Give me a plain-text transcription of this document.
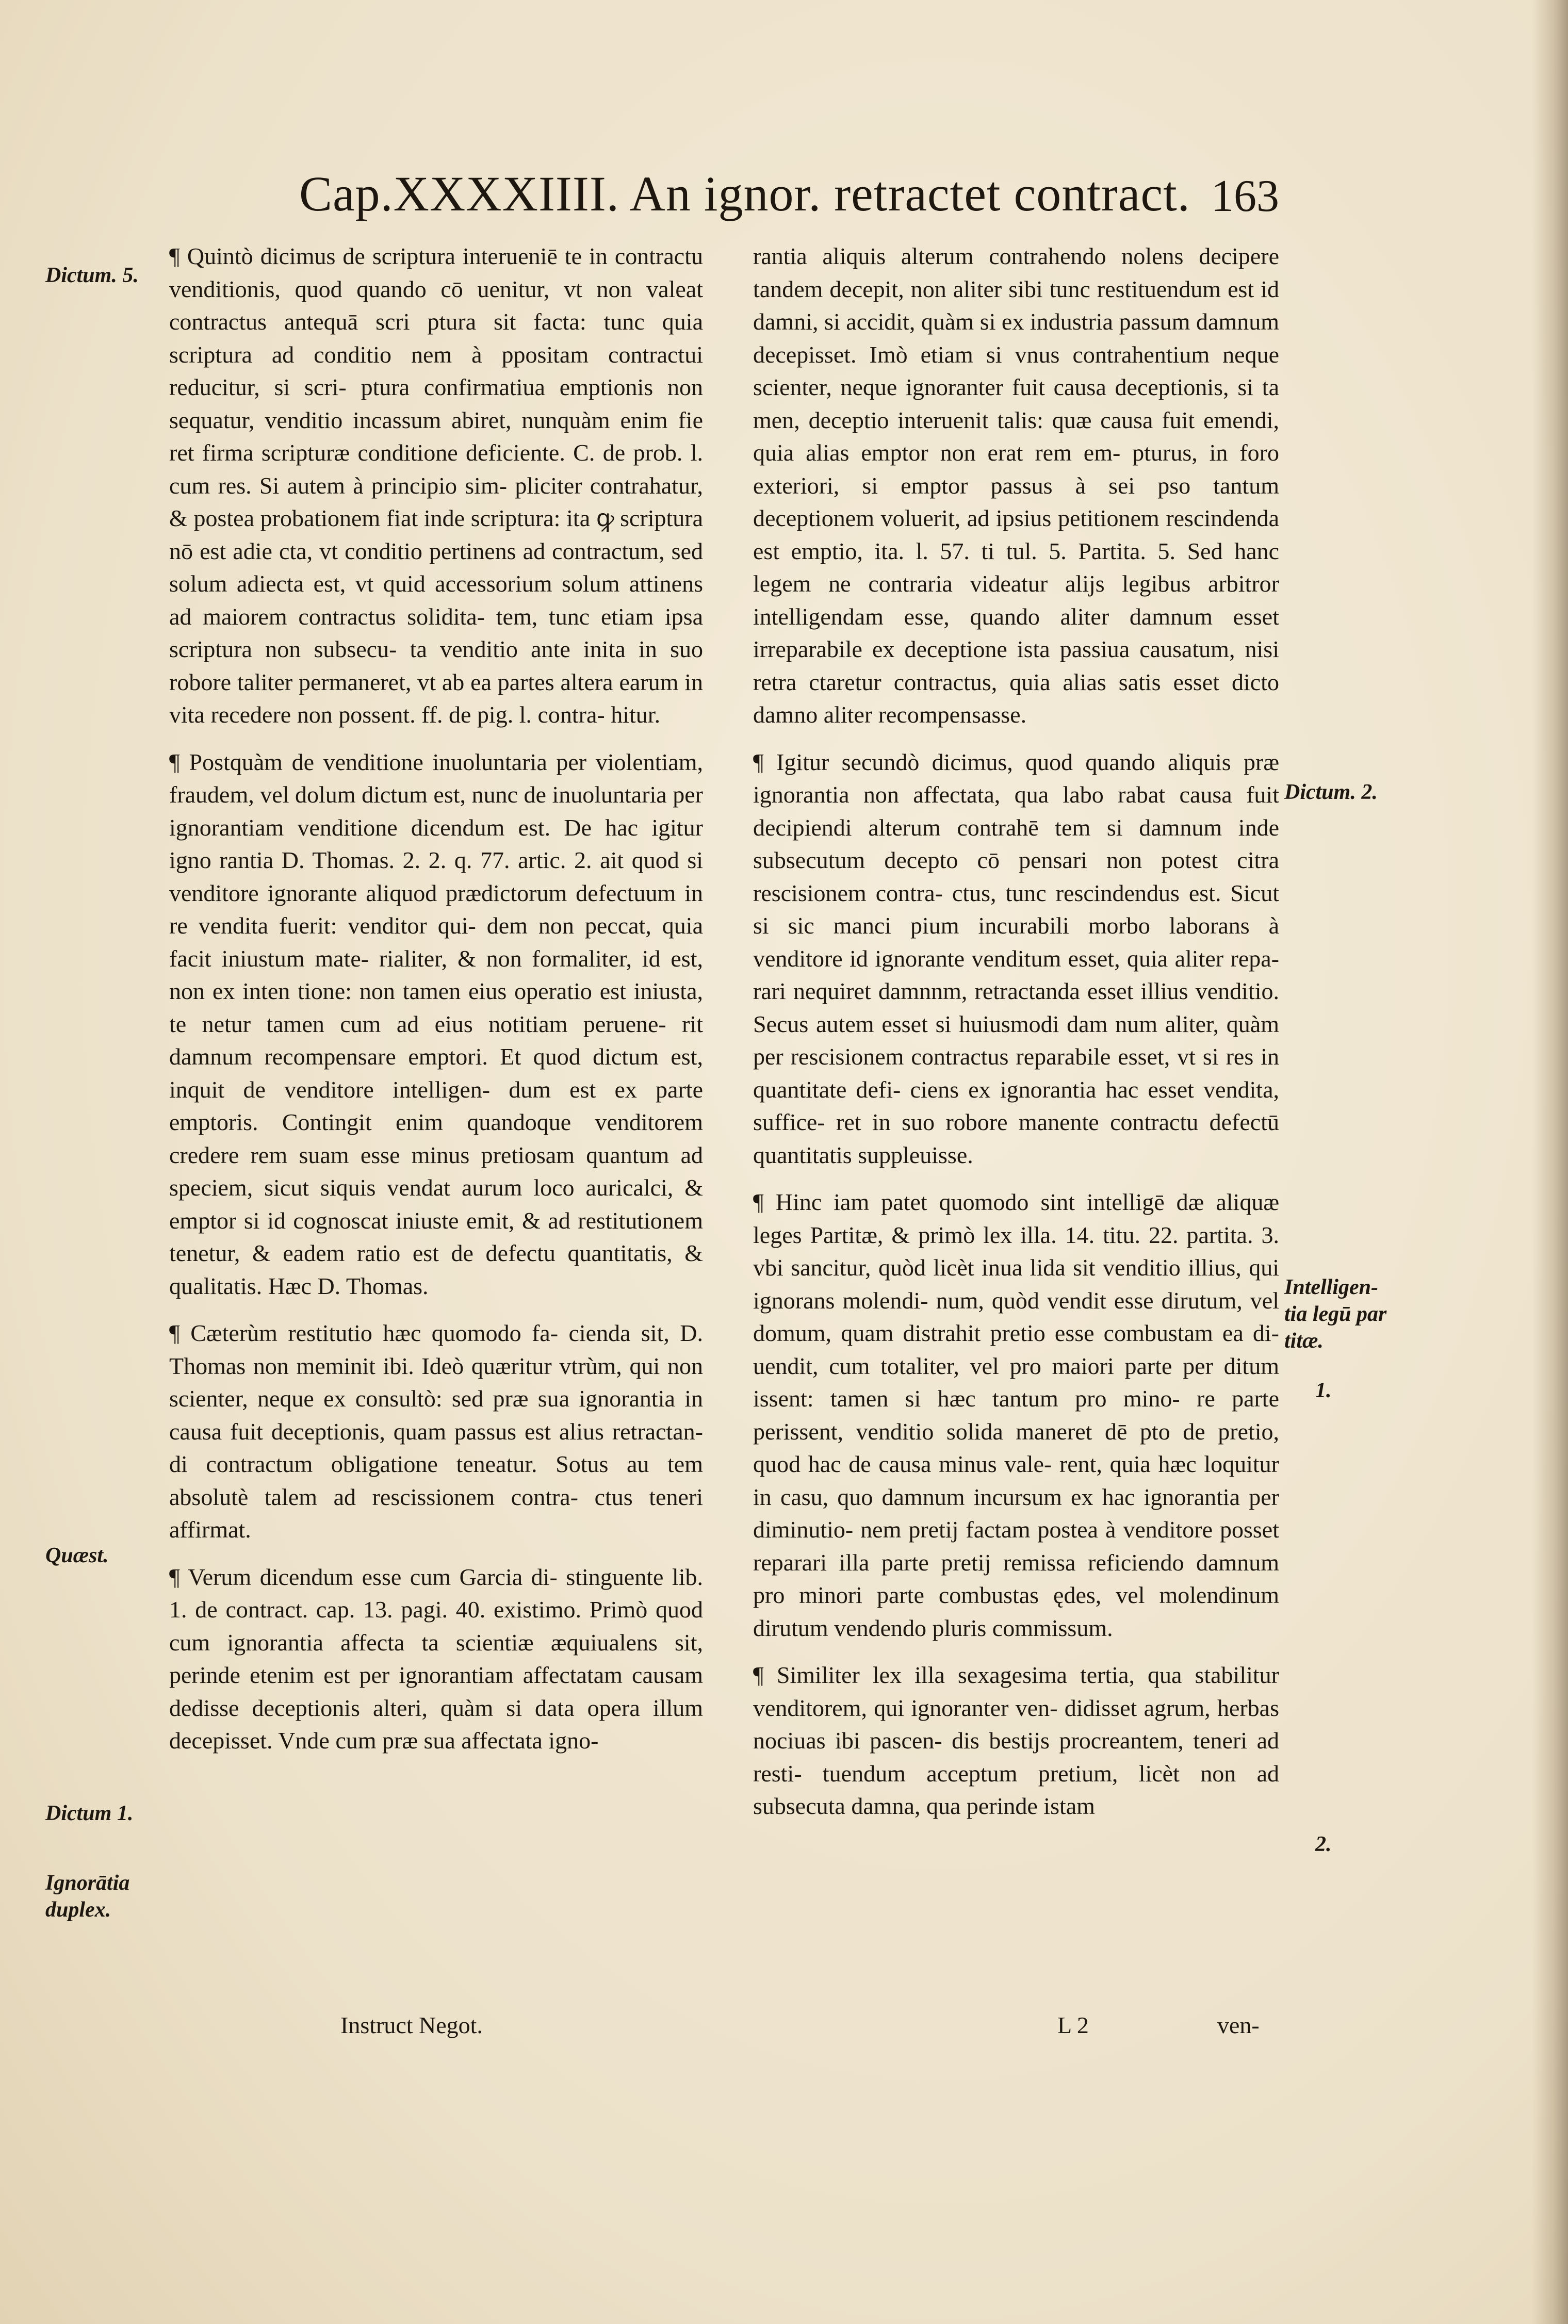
Cap.XXXXIIII. An ignor. retractet contract. 163

¶ Quintò dicimus de scriptura interueniē te in contractu venditionis, quod quando cō uenitur, vt non valeat contractus antequā scri ptura sit facta: tunc quia scriptura ad conditio nem à ppositam contractui reducitur, si scri- ptura confirmatiua emptionis non sequatur, venditio incassum abiret, nunquàm enim fie ret firma scripturæ conditione deficiente. C. de prob. l. cum res. Si autem à principio sim- pliciter contrahatur, & postea probationem fiat inde scriptura: ita ꝙ scriptura nō est adie cta, vt conditio pertinens ad contractum, sed solum adiecta est, vt quid accessorium solum attinens ad maiorem contractus solidita- tem, tunc etiam ipsa scriptura non subsecu- ta venditio ante inita in suo robore taliter permaneret, vt ab ea partes altera earum in vita recedere non possent. ff. de pig. l. contra- hitur.

¶ Postquàm de venditione inuoluntaria per violentiam, fraudem, vel dolum dictum est, nunc de inuoluntaria per ignorantiam venditione dicendum est. De hac igitur igno rantia D. Thomas. 2. 2. q. 77. artic. 2. ait quod si venditore ignorante aliquod prædictorum defectuum in re vendita fuerit: venditor qui- dem non peccat, quia facit iniustum mate- rialiter, & non formaliter, id est, non ex inten tione: non tamen eius operatio est iniusta, te netur tamen cum ad eius notitiam peruene- rit damnum recompensare emptori. Et quod dictum est, inquit de venditore intelligen- dum est ex parte emptoris. Contingit enim quandoque venditorem credere rem suam esse minus pretiosam quantum ad speciem, sicut siquis vendat aurum loco auricalci, & emptor si id cognoscat iniuste emit, & ad restitutionem tenetur, & eadem ratio est de defectu quantitatis, & qualitatis. Hæc D. Thomas.

¶ Cæterùm restitutio hæc quomodo fa- cienda sit, D. Thomas non meminit ibi. Ideò quæritur vtrùm, qui non scienter, neque ex consultò: sed præ sua ignorantia in causa fuit deceptionis, quam passus est alius retractan- di contractum obligatione teneatur. Sotus au tem absolutè talem ad rescissionem contra- ctus teneri affirmat.

¶ Verum dicendum esse cum Garcia di- stinguente lib. 1. de contract. cap. 13. pagi. 40. existimo. Primò quod cum ignorantia affecta ta scientiæ æquiualens sit, perinde etenim est per ignorantiam affectatam causam dedisse deceptionis alteri, quàm si data opera illum decepisset. Vnde cum præ sua affectata igno-

Instruct Negot.

rantia aliquis alterum contrahendo nolens decipere tandem decepit, non aliter sibi tunc restituendum est id damni, si accidit, quàm si ex industria passum damnum decepisset. Imò etiam si vnus contrahentium neque scienter, neque ignoranter fuit causa deceptionis, si ta men, deceptio interuenit talis: quæ causa fuit emendi, quia alias emptor non erat rem em- pturus, in foro exteriori, si emptor passus à sei pso tantum deceptionem voluerit, ad ipsius petitionem rescindenda est emptio, ita. l. 57. ti tul. 5. Partita. 5. Sed hanc legem ne contraria videatur alijs legibus arbitror intelligendam esse, quando aliter damnum esset irreparabile ex deceptione ista passiua causatum, nisi retra ctaretur contractus, quia alias satis esset dicto damno aliter recompensasse.

¶ Igitur secundò dicimus, quod quando aliquis præ ignorantia non affectata, qua labo rabat causa fuit decipiendi alterum contrahē tem si damnum inde subsecutum decepto cō pensari non potest citra rescisionem contra- ctus, tunc rescindendus est. Sicut si sic manci pium incurabili morbo laborans à venditore id ignorante venditum esset, quia aliter repa- rari nequiret damnnm, retractanda esset illius venditio. Secus autem esset si huiusmodi dam num aliter, quàm per rescisionem contractus reparabile esset, vt si res in quantitate defi- ciens ex ignorantia hac esset vendita, suffice- ret in suo robore manente contractu defectū quantitatis suppleuisse.

¶ Hinc iam patet quomodo sint intelligē dæ aliquæ leges Partitæ, & primò lex illa. 14. titu. 22. partita. 3. vbi sancitur, quòd licèt inua lida sit venditio illius, qui ignorans molendi- num, quòd vendit esse dirutum, vel domum, quam distrahit pretio esse combustam ea di- uendit, cum totaliter, vel pro maiori parte per ditum issent: tamen si hæc tantum pro mino- re parte perissent, venditio solida maneret dē pto de pretio, quod hac de causa minus vale- rent, quia hæc loquitur in casu, quo damnum incursum ex hac ignorantia per diminutio- nem pretij factam postea à venditore posset reparari illa parte pretij remissa reficiendo damnum pro minori parte combustas ędes, vel molendinum dirutum vendendo pluris commissum.

¶ Similiter lex illa sexagesima tertia, qua stabilitur venditorem, qui ignoranter ven- didisset agrum, herbas nociuas ibi pascen- dis bestijs procreantem, teneri ad resti- tuendum acceptum pretium, licèt non ad subsecuta damna, qua perinde istam

L 2	ven-
Dictum. 5.
Quæst.
Dictum 1.
Ignorātia duplex.
Dictum. 2.
Intelligen- tia legū par titæ.
1.
2.
